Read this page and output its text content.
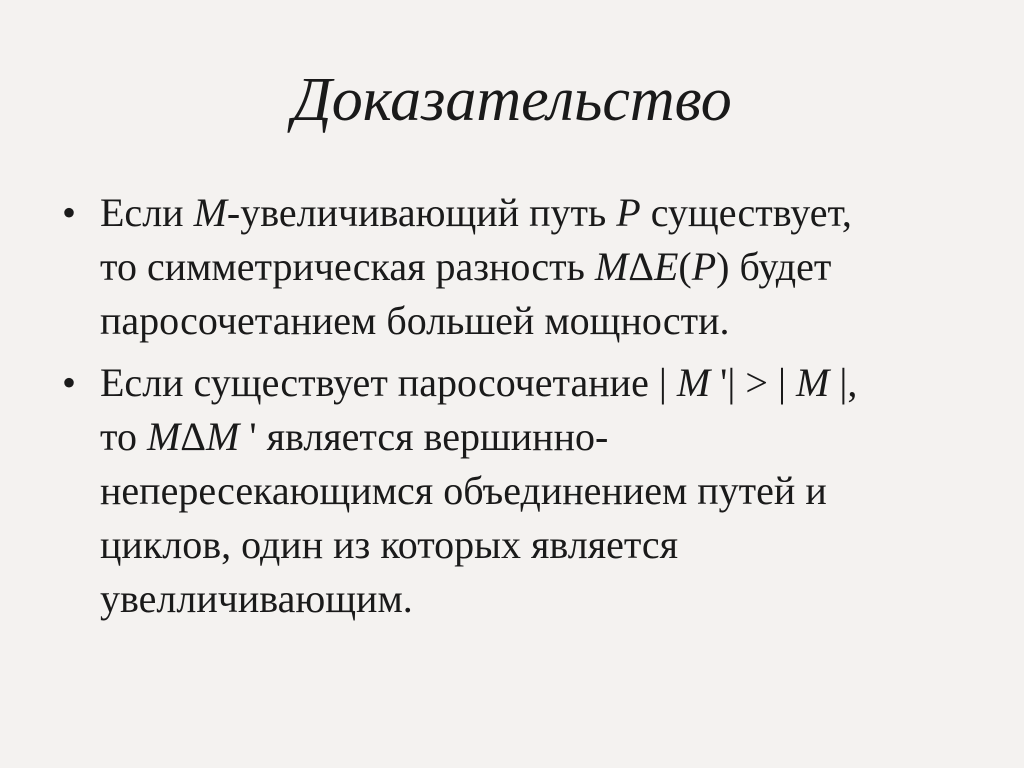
Доказательство
• Если M-увеличивающий путь P существует,
то симметрическая разность MΔE(P) будет
паросочетанием большей мощности.
• Если существует паросочетание | M '| > | M |,
то MΔM ' является вершинно-
непересекающимся объединением путей и
циклов, один из которых является
увелличивающим.
